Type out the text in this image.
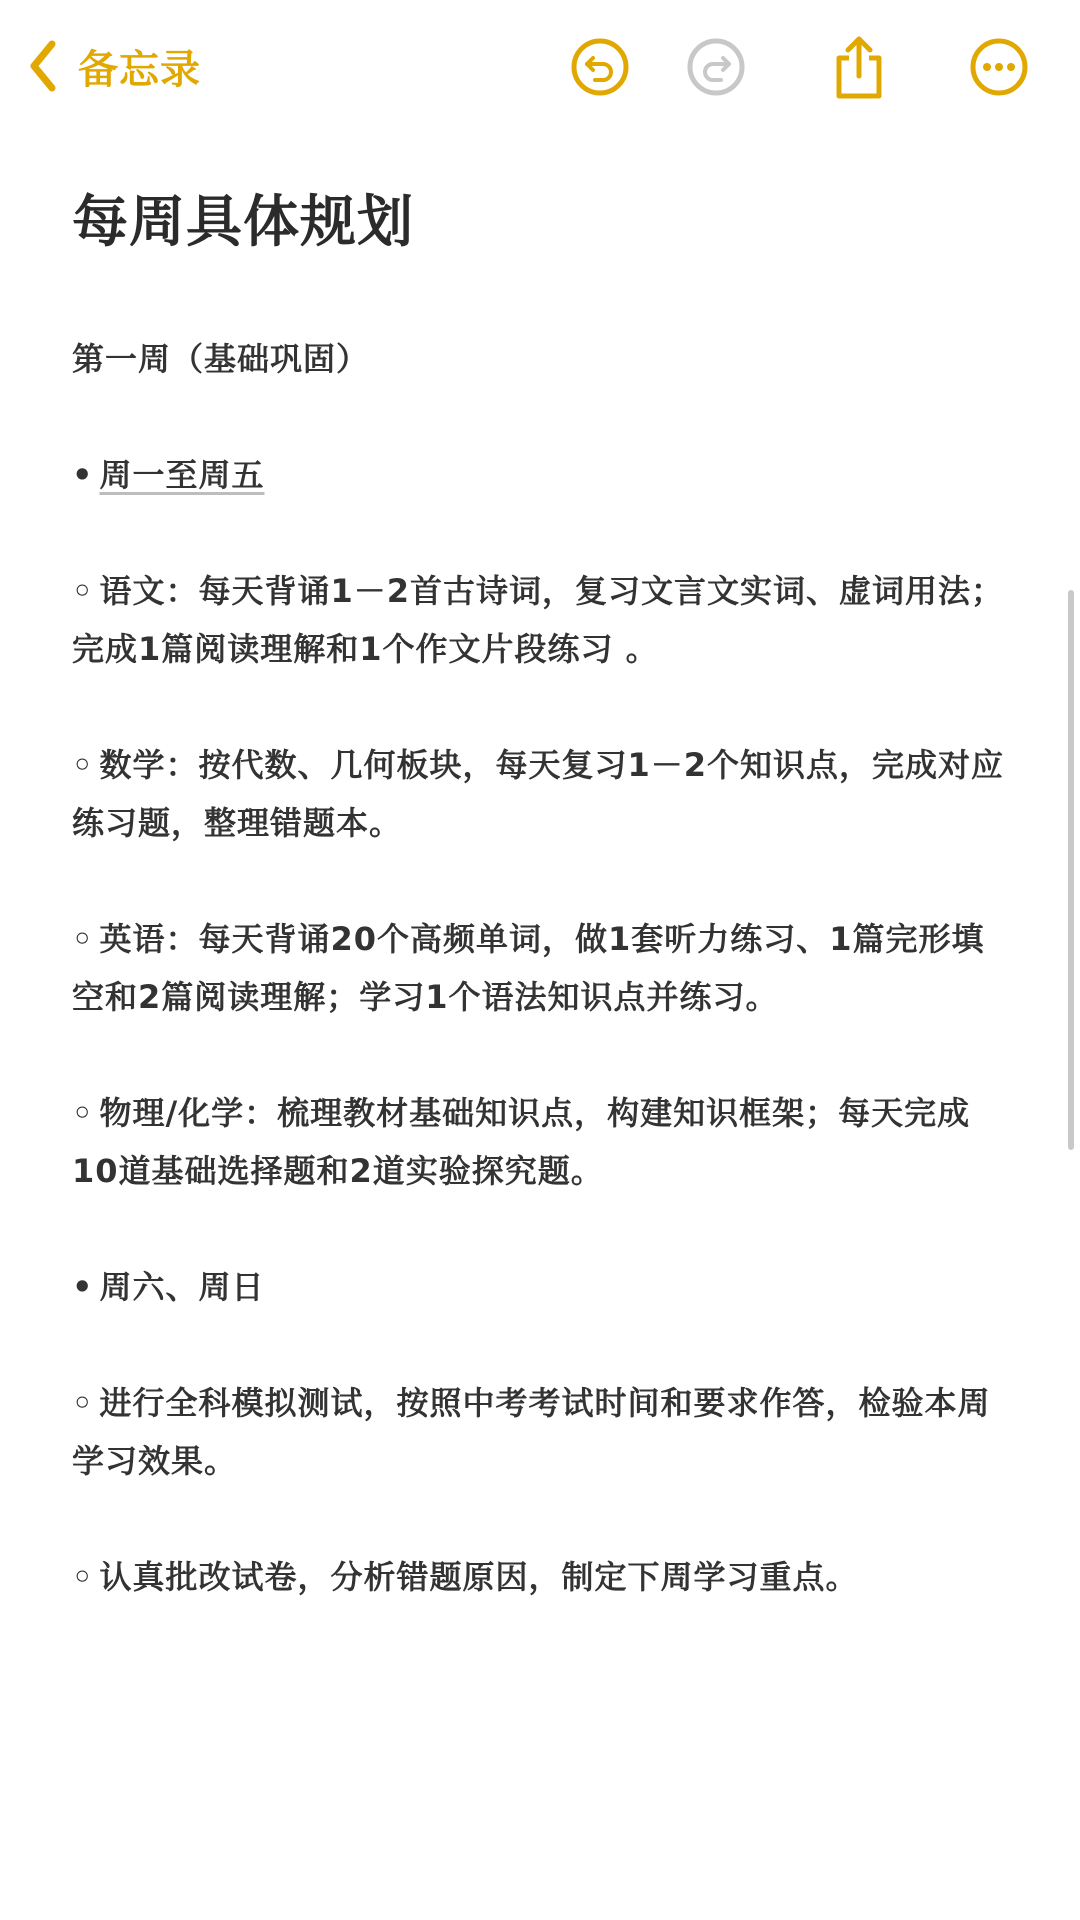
备忘录
每周具体规划

第一周（基础巩固）

• 周一至周五

◦ 语文：每天背诵1－2首古诗词，复习文言文实词、虚词用法；完成1篇阅读理解和1个作文片段练习 。

◦ 数学：按代数、几何板块，每天复习1－2个知识点，完成对应练习题，整理错题本。

◦ 英语：每天背诵20个高频单词，做1套听力练习、1篇完形填空和2篇阅读理解；学习1个语法知识点并练习。

◦ 物理/化学：梳理教材基础知识点，构建知识框架；每天完成10道基础选择题和2道实验探究题。

• 周六、周日

◦ 进行全科模拟测试，按照中考考试时间和要求作答，检验本周学习效果。

◦ 认真批改试卷，分析错题原因，制定下周学习重点。
